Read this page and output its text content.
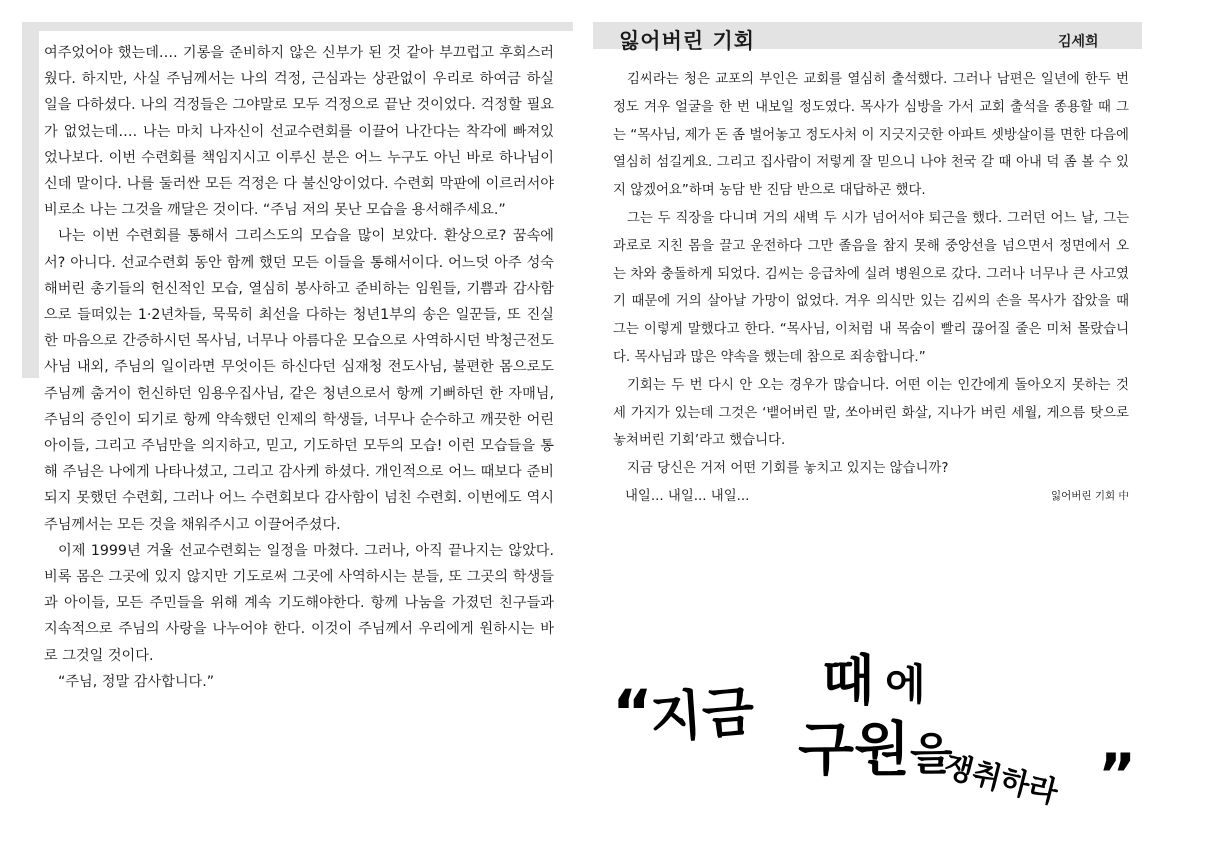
여주었어야 했는데…. 기롱을 준비하지 않은 신부가 된 것 같아 부끄럽고 후회스러웠다. 하지만, 사실 주님께서는 나의 걱정, 근심과는 상관없이 우리로 하여금 하실 일을 다하셨다. 나의 걱정들은 그야말로 모두 걱정으로 끝난 것이었다. 걱정할 필요가 없었는데…. 나는 마치 나자신이 선교수련회를 이끌어 나간다는 착각에 빠져있었나보다. 이번 수련회를 책임지시고 이루신 분은 어느 누구도 아닌 바로 하나님이신데 말이다. 나를 둘러싼 모든 걱정은 다 불신앙이었다. 수련회 막판에 이르러서야 비로소 나는 그것을 깨달은 것이다. “주님 저의 못난 모습을 용서해주세요.”

나는 이번 수련회를 통해서 그리스도의 모습을 많이 보았다. 환상으로? 꿈속에서? 아니다. 선교수련회 동안 함께 했던 모든 이들을 통해서이다. 어느덧 아주 성숙해버린 총기들의 헌신적인 모습, 열심히 봉사하고 준비하는 임원들, 기쁨과 감사함으로 들떠있는 1·2년차들, 묵묵히 최선을 다하는 청년1부의 송은 일꾼들, 또 진실한 마음으로 간증하시던 목사님, 너무나 아름다운 모습으로 사역하시던 박청근전도사님 내외, 주님의 일이라면 무엇이든 하신다던 심재청 전도사님, 불편한 몸으로도 주님께 춤거이 헌신하던 임용우집사님, 같은 청년으로서 항께 기뻐하던 한 자매님, 주님의 증인이 되기로 항께 약속했던 인제의 학생들, 너무나 순수하고 깨끗한 어린아이들, 그리고 주님만을 의지하고, 믿고, 기도하던 모두의 모습! 이런 모습들을 통해 주님은 나에게 나타나셨고, 그리고 감사케 하셨다. 개인적으로 어느 때보다 준비되지 못했던 수련회, 그러나 어느 수련회보다 감사함이 넘친 수련회. 이번에도 역시 주님께서는 모든 것을 채워주시고 이끌어주셨다.

이제 1999년 겨울 선교수련회는 일정을 마쳤다. 그러나, 아직 끝나지는 않았다. 비록 몸은 그곳에 있지 않지만 기도로써 그곳에 사역하시는 분들, 또 그곳의 학생들과 아이들, 모든 주민들을 위해 계속 기도해야한다. 항께 나눔을 가졌던 친구들과 지속적으로 주님의 사랑을 나누어야 한다. 이것이 주님께서 우리에게 원하시는 바로 그것일 것이다.

“주님, 정말 감사합니다.”

잃어버린 기회	김세희

김씨라는 청은 교포의 부인은 교회를 열심히 출석했다. 그러나 남편은 일년에 한두 번 정도 겨우 얼굴을 한 번 내보일 정도였다. 목사가 심방을 가서 교회 출석을 종용할 때 그는 “목사님, 제가 돈 좀 벌어놓고 정도사처 이 지긋지긋한 아파트 셋방살이를 면한 다음에 열심히 섬길게요. 그리고 집사람이 저렇게 잘 믿으니 나야 천국 갈 때 아내 덕 좀 볼 수 있지 않겠어요”하며 농담 반 진담 반으로 대답하곤 했다.

그는 두 직장을 다니며 거의 새벽 두 시가 넘어서야 퇴근을 했다. 그러던 어느 날, 그는 과로로 지친 몸을 끌고 운전하다 그만 졸음을 참지 못해 중앙선을 넘으면서 정면에서 오는 차와 충돌하게 되었다. 김씨는 응급차에 실려 병원으로 갔다. 그러나 너무나 큰 사고였기 때문에 거의 살아날 가망이 없었다. 겨우 의식만 있는 김씨의 손을 목사가 잡았을 때 그는 이렇게 말했다고 한다. “목사님, 이처럼 내 목숨이 빨리 끊어질 줄은 미처 몰랐습니다. 목사님과 많은 약속을 했는데 참으로 죄송합니다.”

기회는 두 번 다시 안 오는 경우가 많습니다. 어떤 이는 인간에게 돌아오지 못하는 것 세 가지가 있는데 그것은 ‘뱉어버린 말, 쏘아버린 화살, 지나가 버린 세월, 게으름 탓으로 놓쳐버린 기회’라고 했습니다.

지금 당신은 거저 어떤 기회를 놓치고 있지는 않습니까?

내일... 내일... 내일...	잃어버린 기회 中
“
지금 때 에
구원 을
쟁취하라 ”
